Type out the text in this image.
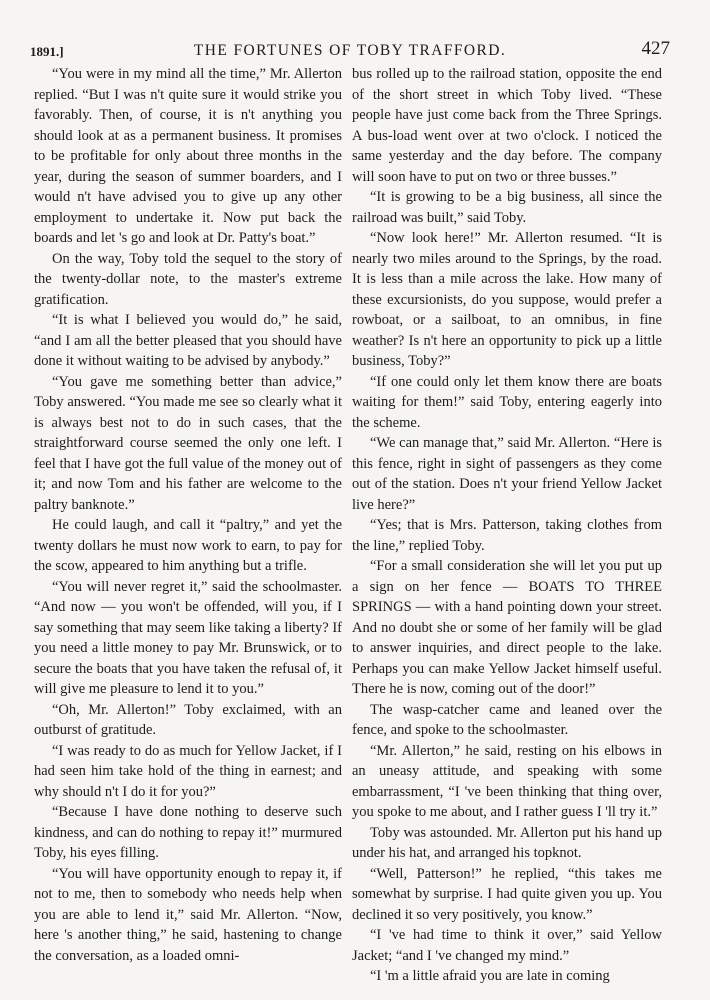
1891.]	THE FORTUNES OF TOBY TRAFFORD.	427

“You were in my mind all the time,” Mr. Allerton replied. “But I was n't quite sure it would strike you favorably. Then, of course, it is n't anything you should look at as a permanent business. It promises to be profitable for only about three months in the year, during the season of summer boarders, and I would n't have advised you to give up any other employment to undertake it. Now put back the boards and let 's go and look at Dr. Patty's boat.”

On the way, Toby told the sequel to the story of the twenty-dollar note, to the master's extreme gratification.

“It is what I believed you would do,” he said, “and I am all the better pleased that you should have done it without waiting to be advised by anybody.”

“You gave me something better than advice,” Toby answered. “You made me see so clearly what it is always best not to do in such cases, that the straightforward course seemed the only one left. I feel that I have got the full value of the money out of it; and now Tom and his father are welcome to the paltry banknote.”

He could laugh, and call it “paltry,” and yet the twenty dollars he must now work to earn, to pay for the scow, appeared to him anything but a trifle.

“You will never regret it,” said the schoolmaster. “And now — you won't be offended, will you, if I say something that may seem like taking a liberty? If you need a little money to pay Mr. Brunswick, or to secure the boats that you have taken the refusal of, it will give me pleasure to lend it to you.”

“Oh, Mr. Allerton!” Toby exclaimed, with an outburst of gratitude.

“I was ready to do as much for Yellow Jacket, if I had seen him take hold of the thing in earnest; and why should n't I do it for you?”

“Because I have done nothing to deserve such kindness, and can do nothing to repay it!” murmured Toby, his eyes filling.

“You will have opportunity enough to repay it, if not to me, then to somebody who needs help when you are able to lend it,” said Mr. Allerton. “Now, here 's another thing,” he said, hastening to change the conversation, as a loaded omni-

bus rolled up to the railroad station, opposite the end of the short street in which Toby lived. “These people have just come back from the Three Springs. A bus-load went over at two o'clock. I noticed the same yesterday and the day before. The company will soon have to put on two or three busses.”

“It is growing to be a big business, all since the railroad was built,” said Toby.

“Now look here!” Mr. Allerton resumed. “It is nearly two miles around to the Springs, by the road. It is less than a mile across the lake. How many of these excursionists, do you suppose, would prefer a rowboat, or a sailboat, to an omnibus, in fine weather? Is n't here an opportunity to pick up a little business, Toby?”

“If one could only let them know there are boats waiting for them!” said Toby, entering eagerly into the scheme.

“We can manage that,” said Mr. Allerton. “Here is this fence, right in sight of passengers as they come out of the station. Does n't your friend Yellow Jacket live here?”

“Yes; that is Mrs. Patterson, taking clothes from the line,” replied Toby.

“For a small consideration she will let you put up a sign on her fence — BOATS TO THREE SPRINGS — with a hand pointing down your street. And no doubt she or some of her family will be glad to answer inquiries, and direct people to the lake. Perhaps you can make Yellow Jacket himself useful. There he is now, coming out of the door!”

The wasp-catcher came and leaned over the fence, and spoke to the schoolmaster.

“Mr. Allerton,” he said, resting on his elbows in an uneasy attitude, and speaking with some embarrassment, “I 've been thinking that thing over, you spoke to me about, and I rather guess I 'll try it.”

Toby was astounded. Mr. Allerton put his hand up under his hat, and arranged his topknot.

“Well, Patterson!” he replied, “this takes me somewhat by surprise. I had quite given you up. You declined it so very positively, you know.”

“I 've had time to think it over,” said Yellow Jacket; “and I 've changed my mind.”

“I 'm a little afraid you are late in coming
